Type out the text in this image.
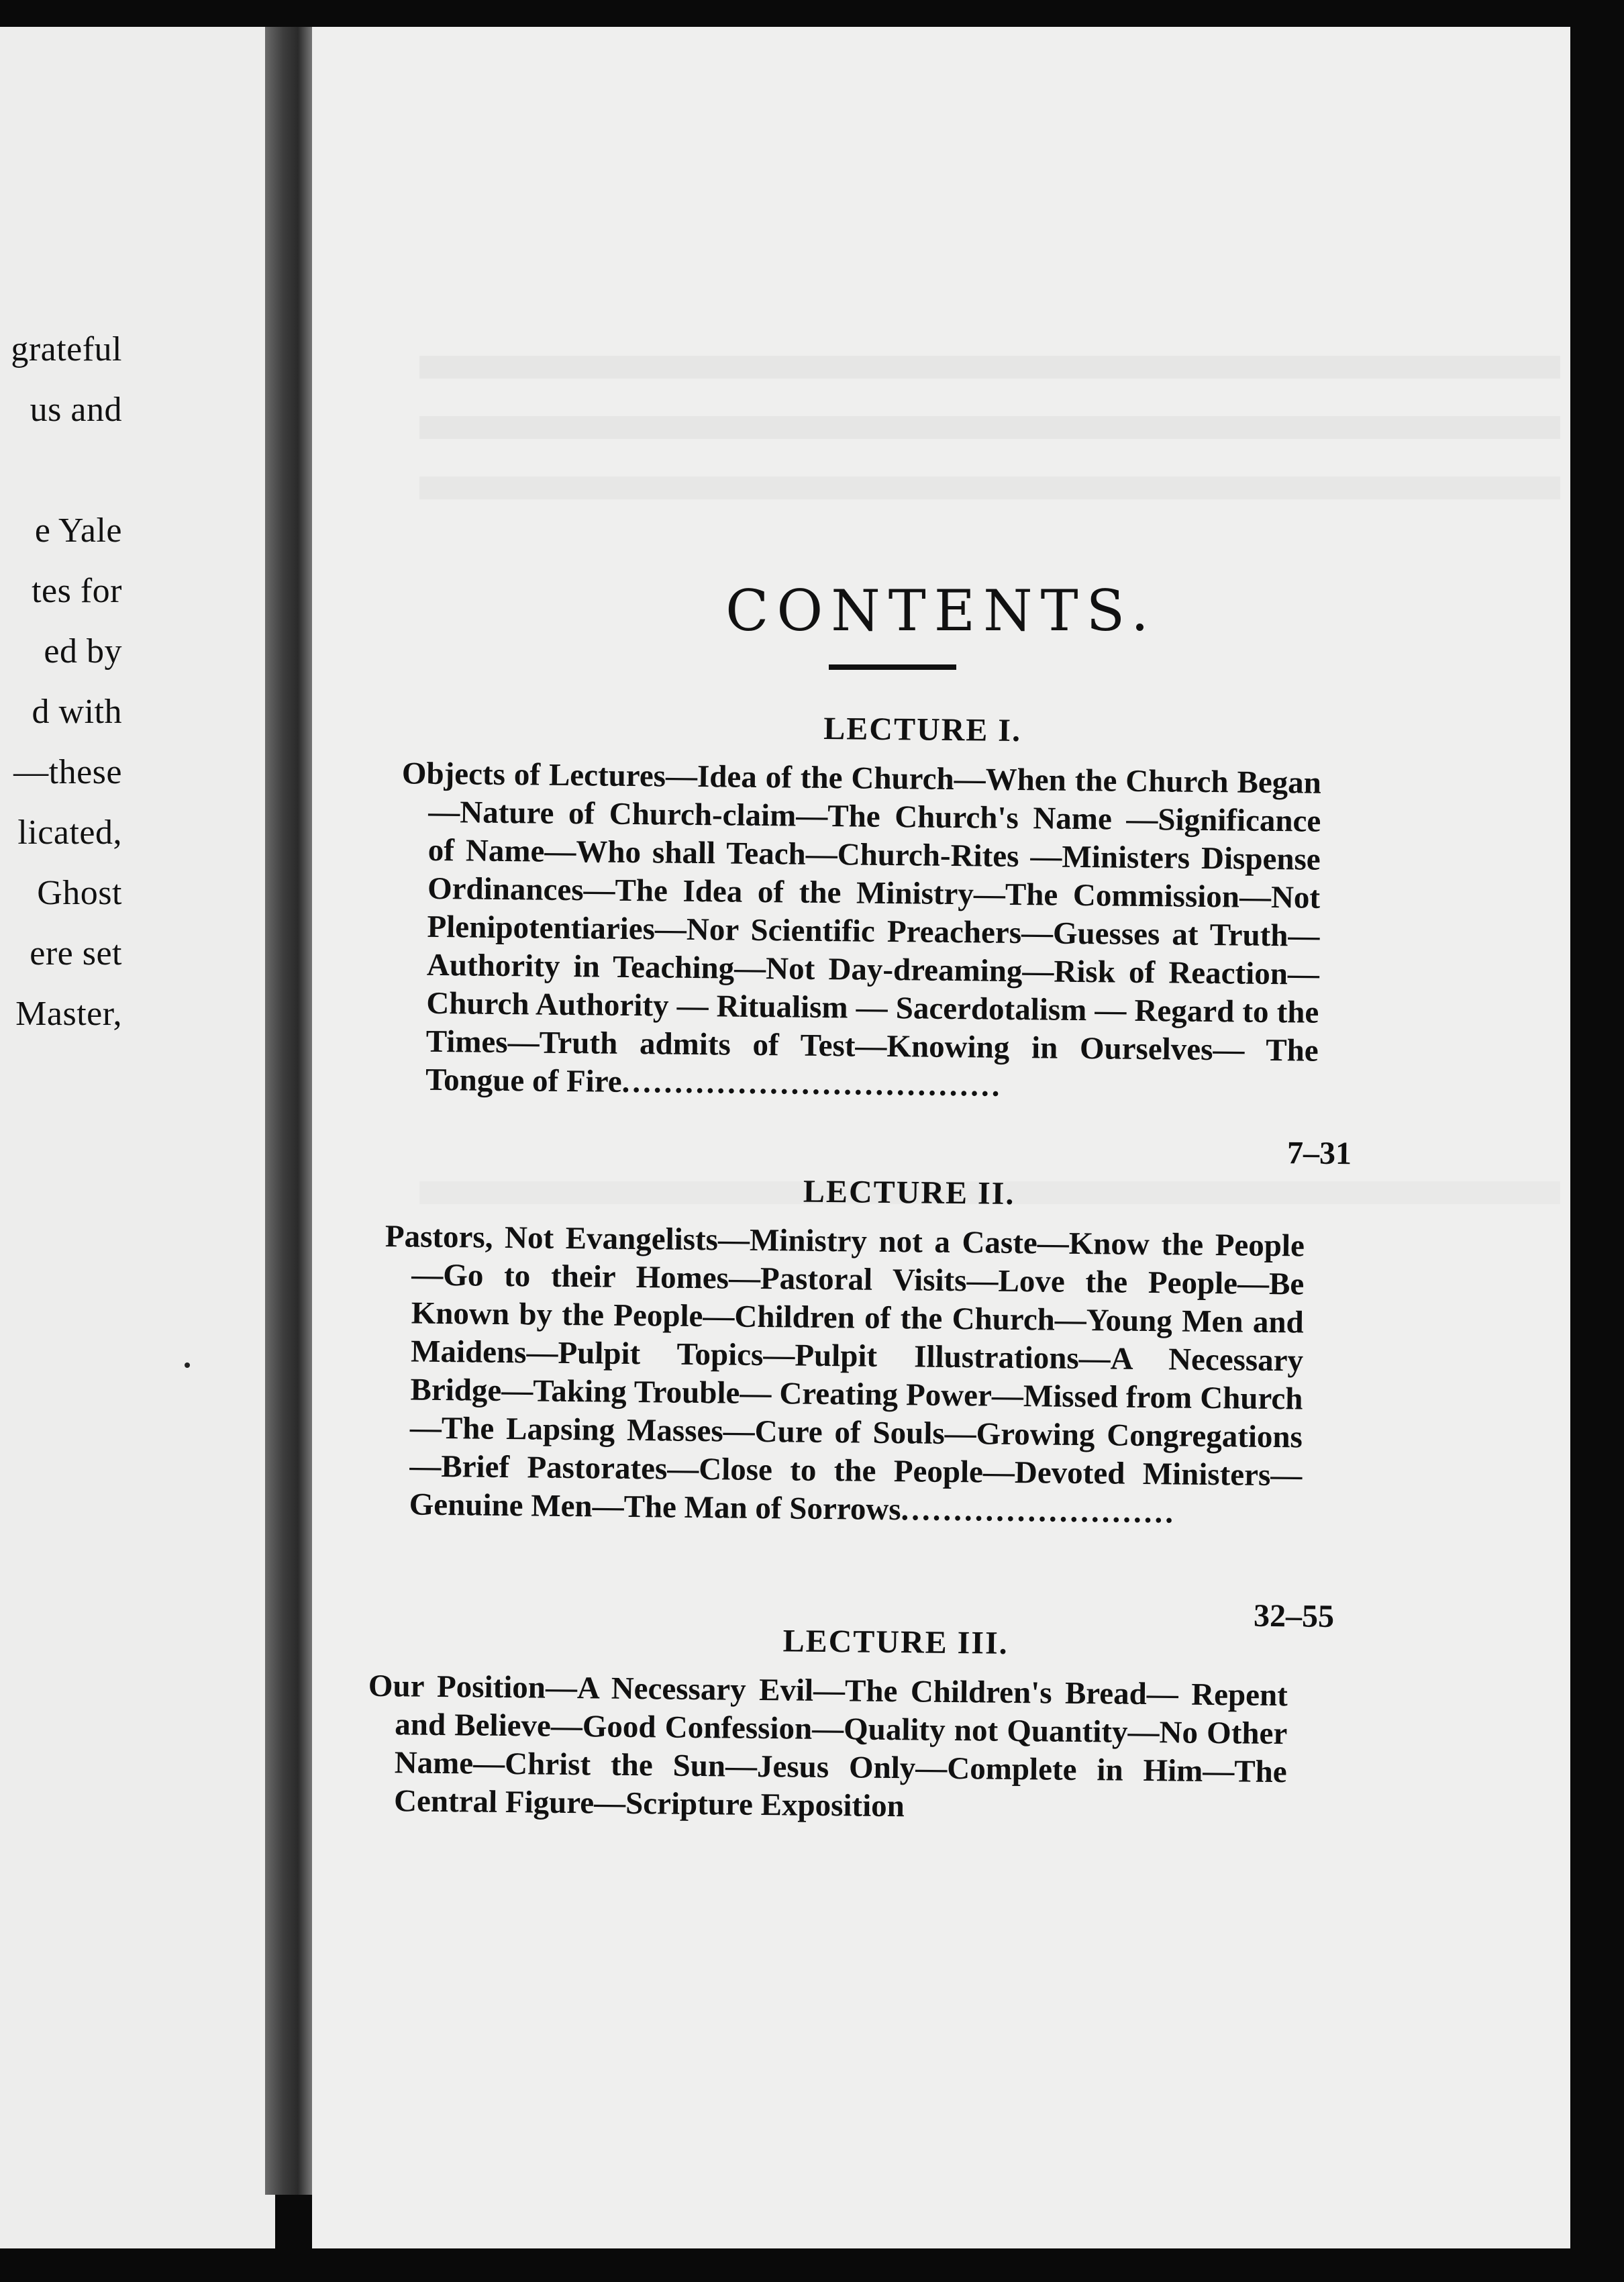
grateful
us and
e Yale
tes for
ed by
d with
—these
licated,
Ghost
ere set
Master,
CONTENTS.
LECTURE I.
Objects of Lectures—Idea of the Church—When the Church Began—Nature of Church-claim—The Church's Name —Significance of Name—Who shall Teach—Church-Rites —Ministers Dispense Ordinances—The Idea of the Ministry—The Commission—Not Plenipotentiaries—Nor Scientific Preachers—Guesses at Truth—Authority in Teaching—Not Day-dreaming—Risk of Reaction—Church Authority — Ritualism — Sacerdotalism — Regard to the Times—Truth admits of Test—Knowing in Ourselves— The Tongue of Fire....................................
7–31
LECTURE II.
Pastors, Not Evangelists—Ministry not a Caste—Know the People—Go to their Homes—Pastoral Visits—Love the People—Be Known by the People—Children of the Church—Young Men and Maidens—Pulpit Topics—Pulpit Illustrations—A Necessary Bridge—Taking Trouble— Creating Power—Missed from Church—The Lapsing Masses—Cure of Souls—Growing Congregations—Brief Pastorates—Close to the People—Devoted Ministers—Genuine Men—The Man of Sorrows..........................
32–55
LECTURE III.
Our Position—A Necessary Evil—The Children's Bread— Repent and Believe—Good Confession—Quality not Quantity—No Other Name—Christ the Sun—Jesus Only—Complete in Him—The Central Figure—Scripture Exposition
